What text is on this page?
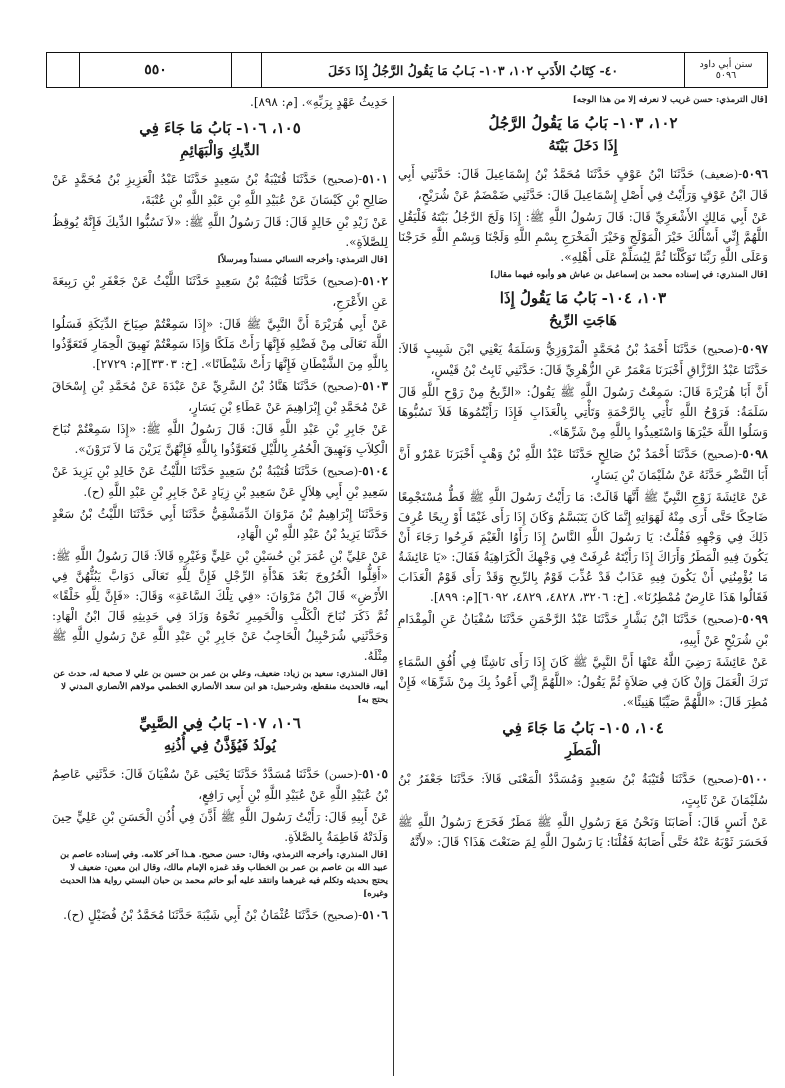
٥٥٠	٤٠- كِتَابُ الأَدَبِ ١٠٢، ١٠٣- بَـابُ مَا يَقُولُ الرَّجُلُ إِذَا دَخَلَ	سنن أبي داود
٥٠٩٦

[قال الترمذي: حسن غريب لا نعرفه إلا من هذا الوجه]

١٠٢، ١٠٣- بَابُ مَا يَقُولُ الرَّجُلُ
إِذَا دَخَلَ بَيْتَهُ

٥٠٩٦-(ضعيف) حَدَّثَنَا ابْنُ عَوْفٍ حَدَّثَنَا مُحَمَّدُ بْنُ إِسْمَاعِيلَ قَالَ: حَدَّثَنِي أَبِي قَالَ ابْنُ عَوْفٍ وَرَأَيْتُ فِي أَصْلِ إِسْمَاعِيلَ قَالَ: حَدَّثَنِي ضَمْضَمٌ عَنْ شُرَيْحٍ،

عَنْ أَبِي مَالِكٍ الأَشْعَرِيِّ قَالَ: قَالَ رَسُولُ اللَّهِ ﷺ: إِذَا وَلَجَ الرَّجُلُ بَيْتَهُ فَلْيَقُلِ اللَّهُمَّ إِنِّي أَسْأَلُكَ خَيْرَ الْمَوْلَجِ وَخَيْرَ الْمَخْرَجِ بِسْمِ اللَّهِ وَلَجْنَا وَبِسْمِ اللَّهِ خَرَجْنَا وَعَلَى اللَّهِ رَبِّنَا تَوَكَّلْنَا ثُمَّ لِيُسَلِّمْ عَلَى أَهْلِهِ».

[قال المنذري: في إسناده محمد بن إسماعيل بن عياش هو وأبوه فيهما مقال]

١٠٣، ١٠٤- بَابُ مَا يَقُولُ إِذَا
هَاجَتِ الرِّيحُ

٥٠٩٧-(صحيح) حَدَّثَنَا أَحْمَدُ بْنُ مُحَمَّدٍ الْمَرْوَزِيُّ وَسَلَمَةُ يَعْنِي ابْنَ شَبِيبٍ قَالاَ: حَدَّثَنَا عَبْدُ الرَّزَّاقِ أَخْبَرَنَا مَعْمَرٌ عَنِ الزُّهْرِيِّ قَالَ: حَدَّثَنِي ثَابِتُ بْنُ قَيْسٍ،

أَنَّ أَبَا هُرَيْرَةَ قَالَ: سَمِعْتُ رَسُولَ اللَّهِ ﷺ يَقُولُ: «الرِّيحُ مِنْ رَوْحِ اللَّهِ قَالَ سَلَمَةُ: فَرَوْحُ اللَّهِ تَأْتِي بِالرَّحْمَةِ وَتَأْتِي بِالْعَذَابِ فَإِذَا رَأَيْتُمُوهَا فَلاَ تَسُبُّوهَا وَسَلُوا اللَّهَ خَيْرَهَا وَاسْتَعِيذُوا بِاللَّهِ مِنْ شَرِّهَا».

٥٠٩٨-(صحيح) حَدَّثَنَا أَحْمَدُ بْنُ صَالِحٍ حَدَّثَنَا عَبْدُ اللَّهِ بْنُ وَهْبٍ أَخْبَرَنَا عَمْرٌو أَنَّ أَبَا النَّضْرِ حَدَّثَهُ عَنْ سُلَيْمَانَ بْنِ يَسَارٍ،

عَنْ عَائِشَةَ زَوْجِ النَّبِيِّ ﷺ أَنَّهَا قَالَتْ: مَا رَأَيْتُ رَسُولَ اللَّهِ ﷺ قَطُّ مُسْتَجْمِعًا ضَاحِكًا حَتَّى أَرَى مِنْهُ لَهَوَاتِهِ إِنَّمَا كَانَ يَتَبَسَّمُ وَكَانَ إِذَا رَأَى غَيْمًا أَوْ رِيحًا عُرِفَ ذَلِكَ فِي وَجْهِهِ فَقُلْتُ: يَا رَسُولَ اللَّهِ النَّاسُ إِذَا رَأَوُا الْغَيْمَ فَرِحُوا رَجَاءَ أَنْ يَكُونَ فِيهِ الْمَطَرُ وَأَرَاكَ إِذَا رَأَيْتَهُ عُرِفَتْ فِي وَجْهِكَ الْكَرَاهِيَةُ فَقَالَ: «يَا عَائِشَةُ مَا يُؤْمِنُنِي أَنْ يَكُونَ فِيهِ عَذَابٌ قَدْ عُذِّبَ قَوْمٌ بِالرِّيحِ وَقَدْ رَأَى قَوْمٌ الْعَذَابَ فَقَالُوا هَذَا عَارِضٌ مُمْطِرُنَا». [خ: ٣٢٠٦، ٤٨٢٨، ٤٨٢٩، ٦٠٩٢][م: ٨٩٩].

٥٠٩٩-(صحيح) حَدَّثَنَا ابْنُ بَشَّارٍ حَدَّثَنَا عَبْدُ الرَّحْمَنِ حَدَّثَنَا سُفْيَانُ عَنِ الْمِقْدَامِ بْنِ شُرَيْحٍ عَنْ أَبِيهِ،

عَنْ عَائِشَةَ رَضِيَ اللَّهُ عَنْهَا أَنَّ النَّبِيَّ ﷺ كَانَ إِذَا رَأَى نَاشِئًا فِي أُفُقِ السَّمَاءِ تَرَكَ الْعَمَلَ وَإِنْ كَانَ فِي صَلاَةٍ ثُمَّ يَقُولُ: «اللَّهُمَّ إِنِّي أَعُوذُ بِكَ مِنْ شَرِّهَا» فَإِنْ مُطِرَ قَالَ: «اللَّهُمَّ صَيِّبًا هَنِيئًا».

١٠٤، ١٠٥- بَابُ مَا جَاءَ فِي
الْمَطَرِ

٥١٠٠-(صحيح) حَدَّثَنَا قُتَيْبَةُ بْنُ سَعِيدٍ وَمُسَدَّدٌ الْمَعْنَى قَالاَ: حَدَّثَنَا جَعْفَرُ بْنُ سُلَيْمَانَ عَنْ ثَابِتٍ،

عَنْ أَنَسٍ قَالَ: أَصَابَنَا وَنَحْنُ مَعَ رَسُولِ اللَّهِ ﷺ مَطَرٌ فَخَرَجَ رَسُولُ اللَّهِ ﷺ فَحَسَرَ ثَوْبَهُ عَنْهُ حَتَّى أَصَابَهُ فَقُلْنَا: يَا رَسُولَ اللَّهِ لِمَ صَنَعْتَ هَذَا؟ قَالَ: «لأَنَّهُ

حَدِيثُ عَهْدٍ بِرَبِّهِ». [م: ٨٩٨].

١٠٥، ١٠٦- بَابُ مَا جَاءَ فِي
الدِّيكِ وَالْبَهَائِمِ

٥١٠١-(صحيح) حَدَّثَنَا قُتَيْبَةُ بْنُ سَعِيدٍ حَدَّثَنَا عَبْدُ الْعَزِيزِ بْنُ مُحَمَّدٍ عَنْ صَالِحِ بْنِ كَيْسَانَ عَنْ عُبَيْدِ اللَّهِ بْنِ عَبْدِ اللَّهِ بْنِ عُتْبَةَ،

عَنْ زَيْدِ بْنِ خَالِدٍ قَالَ: قَالَ رَسُولُ اللَّهِ ﷺ: «لاَ تَسُبُّوا الدِّيكَ فَإِنَّهُ يُوقِظُ لِلصَّلاَةِ».

[قال الترمذي: وأخرجه النسائي مسنداً ومرسلاً]

٥١٠٢-(صحيح) حَدَّثَنَا قُتَيْبَةُ بْنُ سَعِيدٍ حَدَّثَنَا اللَّيْثُ عَنْ جَعْفَرِ بْنِ رَبِيعَةَ عَنِ الأَعْرَجِ،

عَنْ أَبِي هُرَيْرَةَ أَنَّ النَّبِيَّ ﷺ قَالَ: «إِذَا سَمِعْتُمْ صِيَاحَ الدِّيَكَةِ فَسَلُوا اللَّهَ تَعَالَى مِنْ فَضْلِهِ فَإِنَّهَا رَأَتْ مَلَكًا وَإِذَا سَمِعْتُمْ نَهِيقَ الْحِمَارِ فَتَعَوَّذُوا بِاللَّهِ مِنَ الشَّيْطَانِ فَإِنَّهَا رَأَتْ شَيْطَانًا». [خ: ٣٣٠٣][م: ٢٧٢٩].

٥١٠٣-(صحيح) حَدَّثَنَا هَنَّادُ بْنُ السَّرِيِّ عَنْ عَبْدَةَ عَنْ مُحَمَّدِ بْنِ إِسْحَاقَ عَنْ مُحَمَّدِ بْنِ إِبْرَاهِيمَ عَنْ عَطَاءِ بْنِ يَسَارٍ،

عَنْ جَابِرِ بْنِ عَبْدِ اللَّهِ قَالَ: قَالَ رَسُولُ اللَّهِ ﷺ: «إِذَا سَمِعْتُمْ نُبَاحَ الْكِلاَبِ وَنَهِيقَ الْحُمُرِ بِاللَّيْلِ فَتَعَوَّذُوا بِاللَّهِ فَإِنَّهُنَّ يَرَيْنَ مَا لاَ تَرَوْنَ».

٥١٠٤-(صحيح) حَدَّثَنَا قُتَيْبَةُ بْنُ سَعِيدٍ حَدَّثَنَا اللَّيْثُ عَنْ خَالِدِ بْنِ يَزِيدَ عَنْ سَعِيدِ بْنِ أَبِي هِلاَلٍ عَنْ سَعِيدِ بْنِ زِيَادٍ عَنْ جَابِرِ بْنِ عَبْدِ اللَّهِ (ح).

وَحَدَّثَنَا إِبْرَاهِيمُ بْنُ مَرْوَانَ الدِّمَشْقِيُّ حَدَّثَنَا أَبِي حَدَّثَنَا اللَّيْثُ بْنُ سَعْدٍ حَدَّثَنَا يَزِيدُ بْنُ عَبْدِ اللَّهِ بْنِ الْهَادِ،

عَنْ عَلِيِّ بْنِ عُمَرَ بْنِ حُسَيْنِ بْنِ عَلِيٍّ وَغَيْرِهِ قَالاَ: قَالَ رَسُولُ اللَّهِ ﷺ: «أَقِلُّوا الْخُرُوجَ بَعْدَ هَدْأَةِ الرِّجْلِ فَإِنَّ لِلَّهِ تَعَالَى دَوَابَّ يَبُثُّهُنَّ فِي الأَرْضِ» قَالَ ابْنُ مَرْوَانَ: «فِي تِلْكَ السَّاعَةِ» وَقَالَ: «فَإِنَّ لِلَّهِ خَلْقًا» ثُمَّ ذَكَرَ نُبَاحَ الْكَلْبِ وَالْحَمِيرِ نَحْوَهُ وَزَادَ فِي حَدِيثِهِ قَالَ ابْنُ الْهَادِ: وَحَدَّثَنِي شُرَحْبِيلُ الْحَاجِبُ عَنْ جَابِرِ بْنِ عَبْدِ اللَّهِ عَنْ رَسُولِ اللَّهِ ﷺ مِثْلَهُ.

[قال المنذري: سعيد بن زياد: ضعيف، وعلي بن عمر بن حسين بن علي لا صحبة له، حدث عن أبيه، فالحديث منقطع، وشرحبيل: هو ابن سعد الأنصاري الخطمي مولاهم الأنصاري المدني لا يحتج به]

١٠٦، ١٠٧- بَابُ فِي الصَّبِيِّ
يُولَدُ فَيُؤَذَّنُ فِي أُذُنِهِ

٥١٠٥-(حسن) حَدَّثَنَا مُسَدَّدٌ حَدَّثَنَا يَحْيَى عَنْ سُفْيَانَ قَالَ: حَدَّثَنِي عَاصِمُ بْنُ عُبَيْدِ اللَّهِ عَنْ عُبَيْدِ اللَّهِ بْنِ أَبِي رَافِعٍ،

عَنْ أَبِيهِ قَالَ: رَأَيْتُ رَسُولَ اللَّهِ ﷺ أَذَّنَ فِي أُذُنِ الْحَسَنِ بْنِ عَلِيٍّ حِينَ وَلَدَتْهُ فَاطِمَةُ بِالصَّلاَةِ.

[قال المنذري: وأخرجه الترمذي، وقال: حسن صحيح. هـذا آخر كلامه. وفي إسناده عاصم بن عبيد الله بن عاصم بن عمر بن الخطاب وقد غمزه الإمام مالك، وقال ابن معين: ضعيف لا يحتج بحديثه وتكلم فيه غيرهما وانتقد عليه أبو حاتم محمد بن حبان البستي رواية هذا الحديث وغيره]

٥١٠٦-(صحيح) حَدَّثَنَا عُثْمَانُ بْنُ أَبِي شَيْبَةَ حَدَّثَنَا مُحَمَّدُ بْنُ فُضَيْلٍ (ح).
